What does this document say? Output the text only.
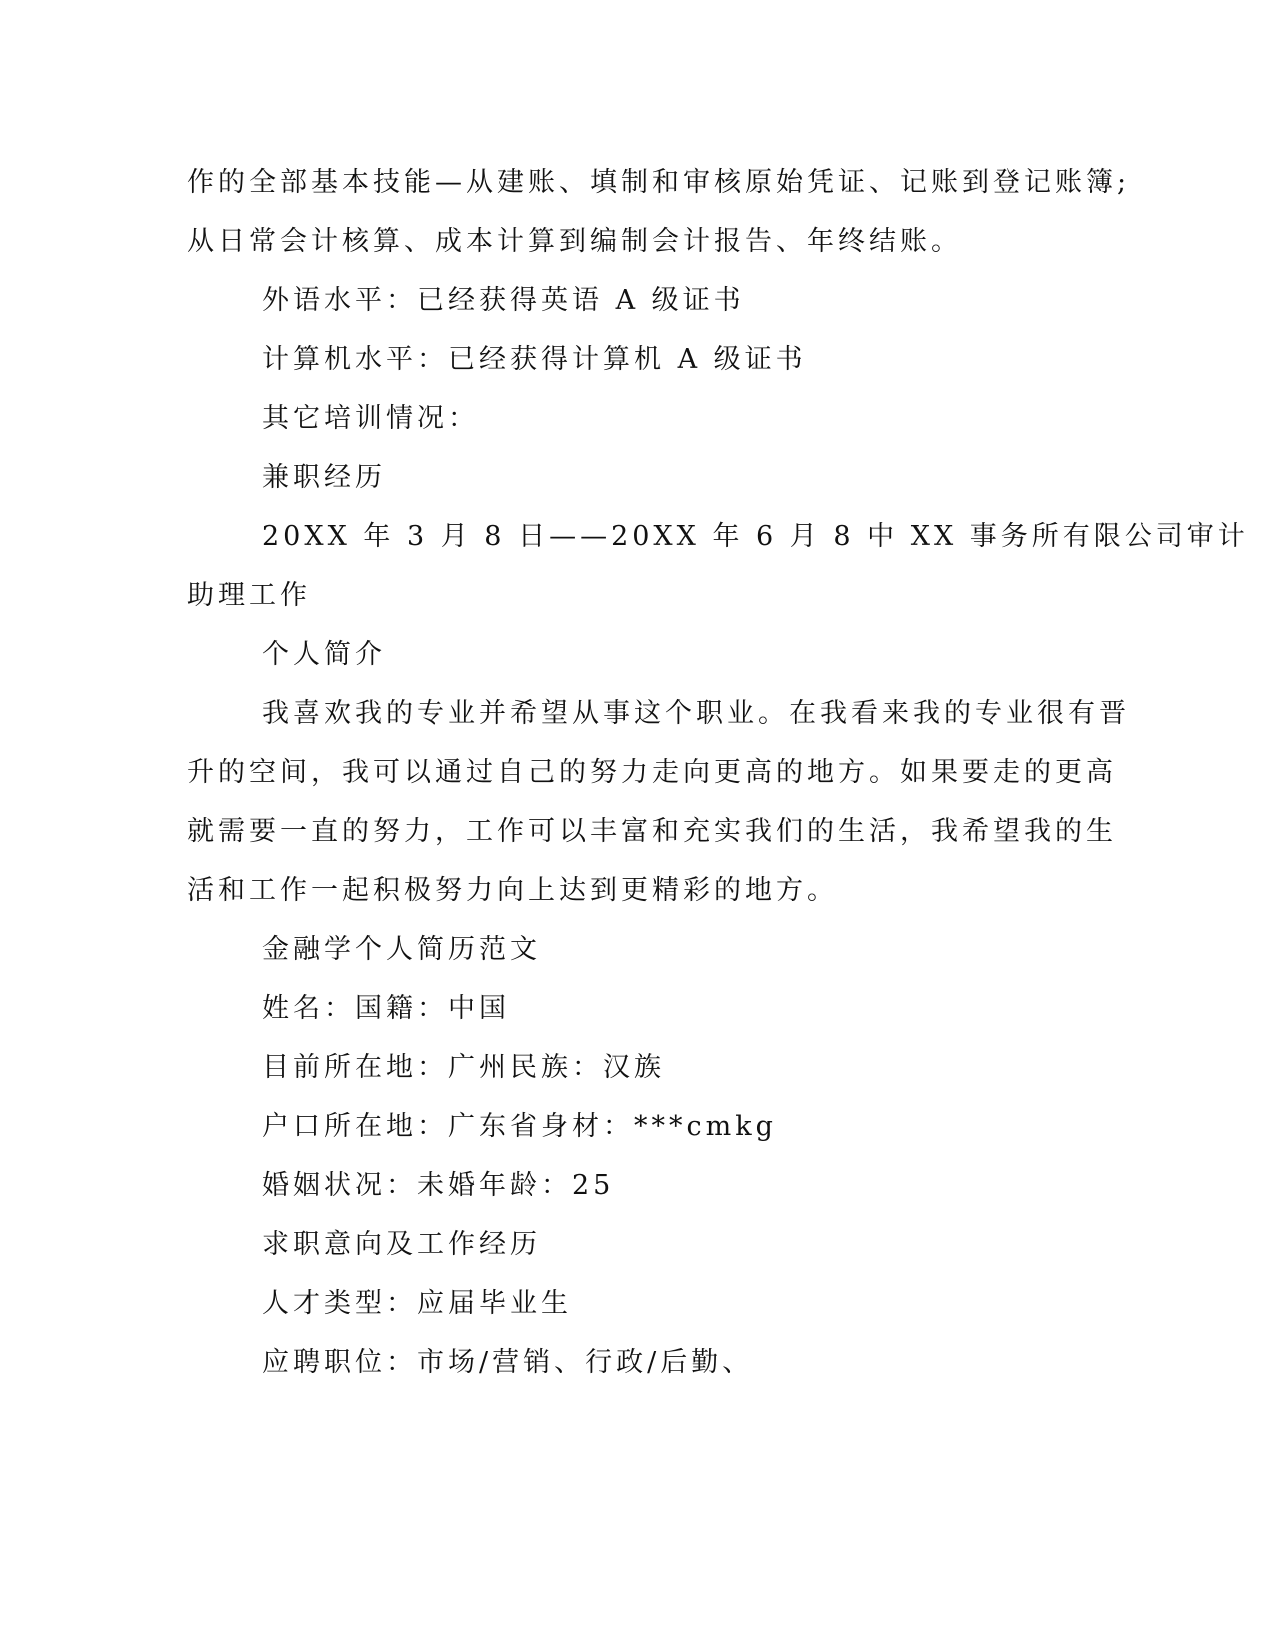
作的全部基本技能—从建账、填制和审核原始凭证、记账到登记账簿;
从日常会计核算、成本计算到编制会计报告、年终结账。
外语水平：已经获得英语 A 级证书
计算机水平：已经获得计算机 A 级证书
其它培训情况：
兼职经历
20XX 年 3 月 8 日——20XX 年 6 月 8 中 XX 事务所有限公司审计
助理工作
个人简介
我喜欢我的专业并希望从事这个职业。在我看来我的专业很有晋
升的空间，我可以通过自己的努力走向更高的地方。如果要走的更高
就需要一直的努力，工作可以丰富和充实我们的生活，我希望我的生
活和工作一起积极努力向上达到更精彩的地方。
金融学个人简历范文
姓名：国籍：中国
目前所在地：广州民族：汉族
户口所在地：广东省身材：***cmkg
婚姻状况：未婚年龄：25
求职意向及工作经历
人才类型：应届毕业生
应聘职位：市场/营销、行政/后勤、
